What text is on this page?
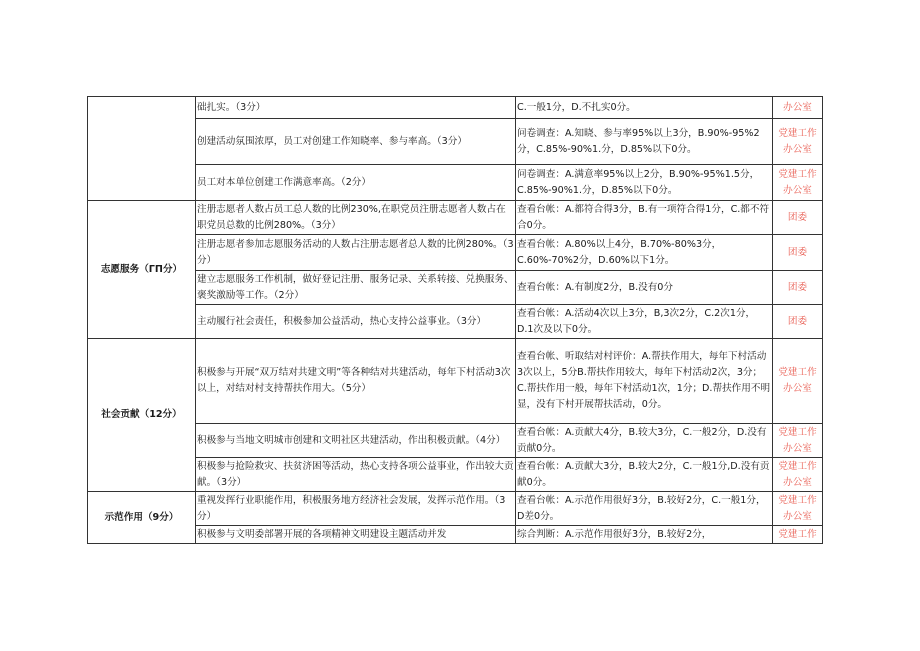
	础扎实。（3分）	C.一般1分，D.不扎实0分。	办公室
	创建活动氛围浓厚，员工对创建工作知晓率、参与率高。（3分）	问卷调查：A.知晓、参与率95%以上3分，B.90%-95%2分，C.85%-90%1.分，D.85%以下0分。	党建工作办公室
	员工对本单位创建工作满意率高。（2分）	问卷调查：A.满意率95%以上2分，B.90%-95%1.5分，C.85%-90%1.分，D.85%以下0分。	党建工作办公室
志愿服务（ΓΠ分）	注册志愿者人数占员工总人数的比例230%,在职党员注册志愿者人数占在职党员总数的比例280%。（3分）	查看台帐：A.都符合得3分，B.有一项符合得1分，C.都不符合0分。	团委
	注册志愿者参加志愿服务活动的人数占注册志愿者总人数的比例280%。（3分）	查看台帐：A.80%以上4分，B.70%-80%3分，C.60%-70%2分，D.60%以下1分。	团委
	建立志愿服务工作机制，做好登记注册、服务记录、关系转接、兑换服务、褒奖激励等工作。（2分）	查看台帐：A.有制度2分，B.没有0分	团委
	主动履行社会责任，积极参加公益活动，热心支持公益事业。（3分）	查看台帐：A.活动4次以上3分，B,3次2分，C.2次1分，D.1次及以下0分。	团委
社会贡献（12分）	积极参与开展“双万结对共建文明”等各种结对共建活动，每年下村活动3次以上，对结对村支持帮扶作用大。（5分）	查看台帐、听取结对村评价：A.帮扶作用大，每年下村活动3次以上，5分B.帮扶作用较大，每年下村活动2次，3分；C.帮扶作用一般，每年下村活动1次，1分；D.帮扶作用不明显，没有下村开展帮扶活动，0分。	党建工作办公室
	积极参与当地文明城市创建和文明社区共建活动，作出积极贡献。（4分）	查看台帐：A.贡献大4分，B.较大3分，C.一般2分，D.没有贡献0分。	党建工作办公室
	积极参与抢险救灾、扶贫济困等活动，热心支持各项公益事业，作出较大贡献。（3分）	查看台帐：A.贡献大3分，B.较大2分，C.一般1分,D.没有贡献0分。	党建工作办公室
示范作用（9分）	重视发挥行业职能作用，积极服务地方经济社会发展，发挥示范作用。（3分）	查看台帐：A.示范作用很好3分，B.较好2分，C.一般1分，D差0分。	党建工作办公室
	积极参与文明委部署开展的各项精神文明建设主题活动并发	综合判断：A.示范作用很好3分，B.较好2分，	党建工作
